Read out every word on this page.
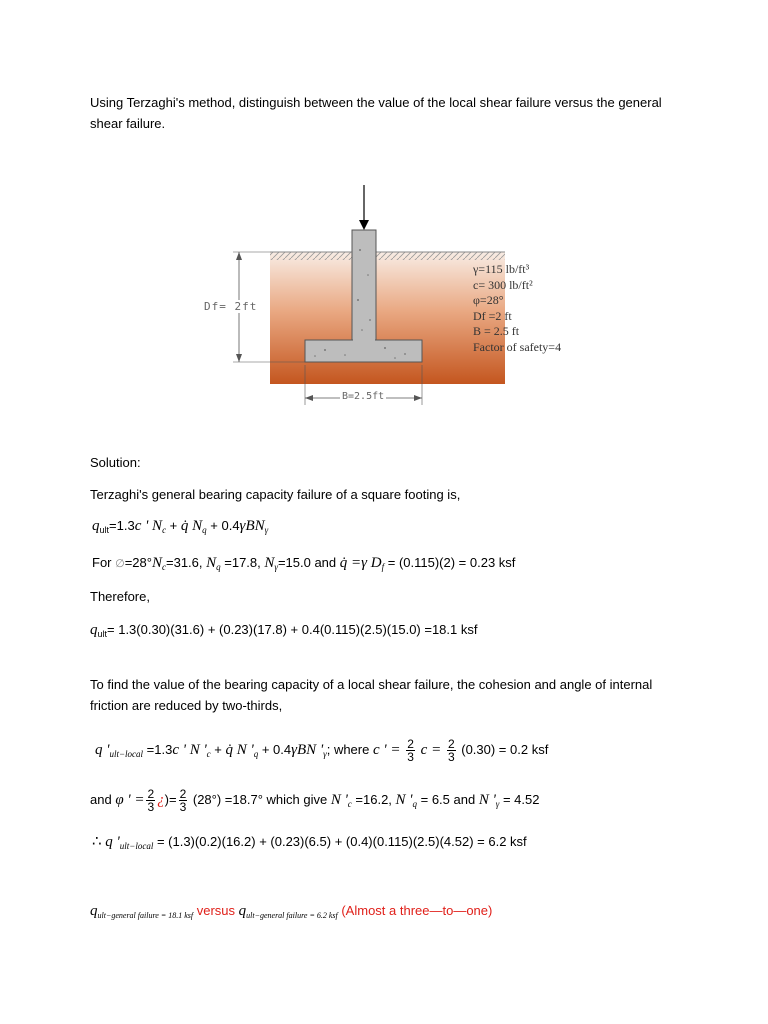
Using Terzaghi's method, distinguish between the value of the local shear failure versus the general
shear failure.
Df= 2ft
B=2.5ft
γ=115 lb/ft³
c= 300 lb/ft²
φ=28°
Df =2 ft
B = 2.5 ft
Factor of safety=4
Solution:
Terzaghi's general bearing capacity failure of a square footing is,
$q_{ult}=1.3c$ ' $N_c$ + q̇ $N_q + 0.4\gamma BN_\gamma$
For $\emptyset=28^\circ N_c=31.6$, $N_q =17.8$, $N_\gamma=15.0$ and q̇ =γ $D_f = (0.115)(2) = 0.23$ ksf
Therefore,
$q_{ult}= 1.3(0.30)(31.6) + (0.23)(17.8) + 0.4(0.115)(2.5)(15.0) =18.1$ ksf
To find the value of the bearing capacity of a local shear failure, the cohesion and angle of internal
friction are reduced by two-thirds,
q '$_{ult-local} =1.3c$ ' N '$_c$ + q̇ N '$_q + 0.4\gamma BN$ '$_\gamma$; where c ' = $\frac{2}{3}$ $c = \frac{2}{3} (0.30) = 0.2$ ksf
and φ ' = $\frac{2}{3}$ ¿)= $\frac{2}{3} (28^\circ) =18.7^\circ$ which give N '$_c =16.2$, N '$_q = 6.5$ and N '$_\gamma = 4.52$
∴ q '$_{ult-local} = (1.3)(0.2)(16.2) + (0.23)(6.5) + (0.4)(0.115)(2.5)(4.52) = 6.2$ ksf
$q_{ult-general failure = 18.1 ksf}$ versus $q_{ult-general failure = 6.2 ksf}$ (Almost a three—to—one)
